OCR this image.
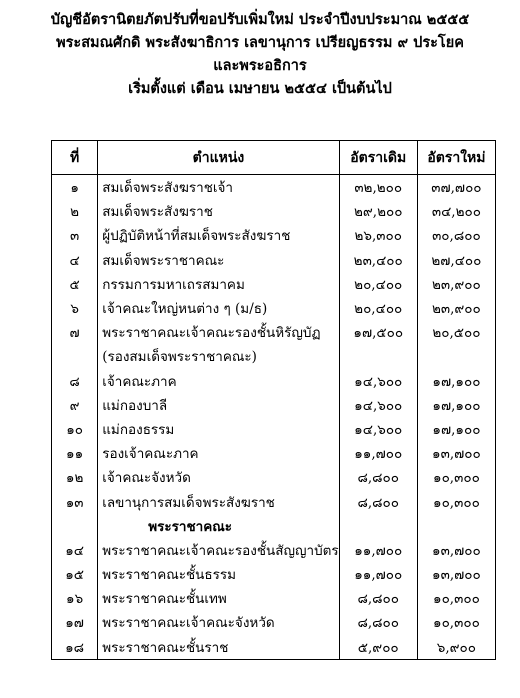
บัญชีอัตรานิตยภัตปรับที่ขอปรับเพิ่มใหม่ ประจำปีงบประมาณ ๒๕๕๕
พระสมณศักดิ พระสังฆาธิการ เลขานุการ เปรียญธรรม ๙ ประโยค
และพระอธิการ
เริ่มตั้งแต่ เดือน เมษายน ๒๕๕๔ เป็นต้นไป
ที่	ตำแหน่ง	อัตราเดิม	อัตราใหม่
๑	สมเด็จพระสังฆราชเจ้า	๓๒,๒๐๐	๓๗,๗๐๐
๒	สมเด็จพระสังฆราช	๒๙,๒๐๐	๓๔,๒๐๐
๓	ผู้ปฏิบัติหน้าที่สมเด็จพระสังฆราช	๒๖,๓๐๐	๓๐,๘๐๐
๔	สมเด็จพระราชาคณะ	๒๓,๔๐๐	๒๗,๔๐๐
๕	กรรมการมหาเถรสมาคม	๒๐,๔๐๐	๒๓,๙๐๐
๖	เจ้าคณะใหญ่หนต่าง ๆ (ม/ธ)	๒๐,๔๐๐	๒๓,๙๐๐
๗	พระราชาคณะเจ้าคณะรองชั้นหิรัญบัฏ	๑๗,๕๐๐	๒๐,๕๐๐
	(รองสมเด็จพระราชาคณะ)		
๘	เจ้าคณะภาค	๑๔,๖๐๐	๑๗,๑๐๐
๙	แม่กองบาลี	๑๔,๖๐๐	๑๗,๑๐๐
๑๐	แม่กองธรรม	๑๔,๖๐๐	๑๗,๑๐๐
๑๑	รองเจ้าคณะภาค	๑๑,๗๐๐	๑๓,๗๐๐
๑๒	เจ้าคณะจังหวัด	๘,๘๐๐	๑๐,๓๐๐
๑๓	เลขานุการสมเด็จพระสังฆราช	๘,๘๐๐	๑๐,๓๐๐
	พระราชาคณะ		
๑๔	พระราชาคณะเจ้าคณะรองชั้นสัญญาบัตร	๑๑,๗๐๐	๑๓,๗๐๐
๑๕	พระราชาคณะชั้นธรรม	๑๑,๗๐๐	๑๓,๗๐๐
๑๖	พระราชาคณะชั้นเทพ	๘,๘๐๐	๑๐,๓๐๐
๑๗	พระราชาคณะเจ้าคณะจังหวัด	๘,๘๐๐	๑๐,๓๐๐
๑๘	พระราชาคณะชั้นราช	๕,๙๐๐	๖,๙๐๐
